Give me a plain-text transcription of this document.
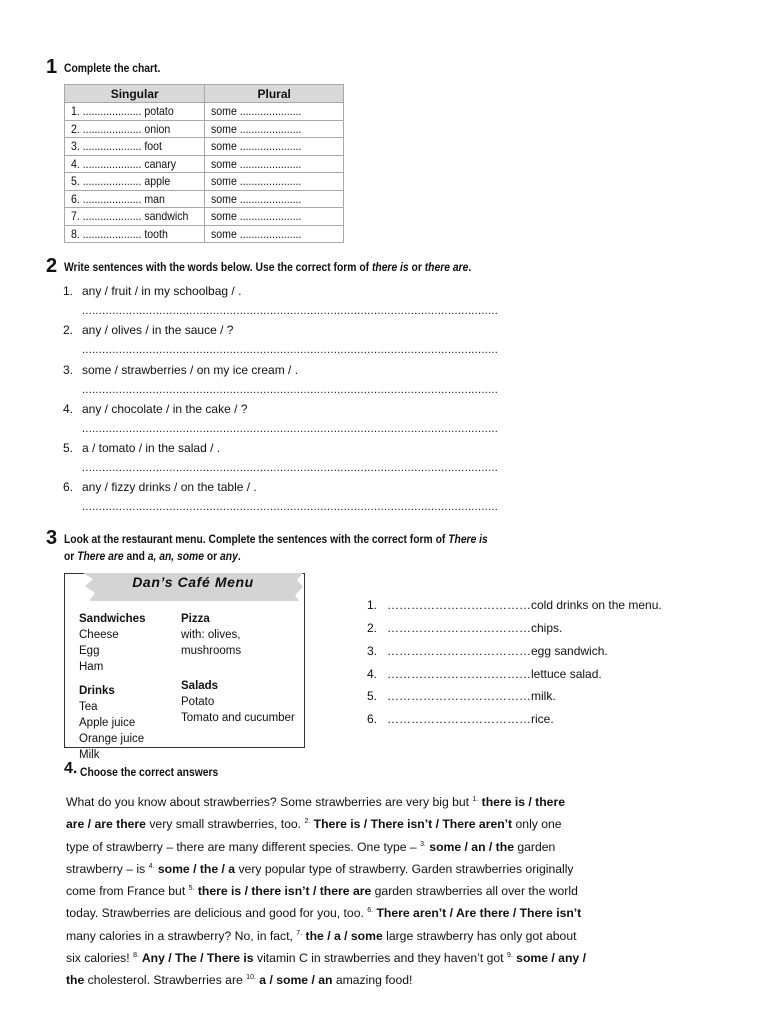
1 Complete the chart.
Singular	Plural
1. .................... potato	some .....................
2. .................... onion	some .....................
3. .................... foot	some .....................
4. .................... canary	some .....................
5. .................... apple	some .....................
6. .................... man	some .....................
7. .................... sandwich	some .....................
8. .................... tooth	some .....................
2 Write sentences with the words below. Use the correct form of there is or there are.
1. any / fruit / in my schoolbag / .
............................................................................................................................
2. any / olives / in the sauce / ?
............................................................................................................................
3. some / strawberries / on my ice cream / .
............................................................................................................................
4. any / chocolate / in the cake / ?
............................................................................................................................
5. a / tomato / in the salad / .
............................................................................................................................
6. any / fizzy drinks / on the table / .
............................................................................................................................
3 Look at the restaurant menu. Complete the sentences with the correct form of There is
or There are and a, an, some or any.
Dan’s Café Menu
Sandwiches
Cheese
Egg
Ham
Drinks
Tea
Apple juice
Orange juice
Milk
Pizza
with: olives,
mushrooms
Salads
Potato
Tomato and cucumber
1. ……………………………… cold drinks on the menu.
2. ……………………………… chips.
3. ……………………………… egg sandwich.
4. ……………………………… lettuce salad.
5. ……………………………… milk.
6. ……………………………… rice.
4. Choose the correct answers
What do you know about strawberries? Some strawberries are very big but $^{1.}$ there is / there are / are there very small strawberries, too. $^{2.}$ There is / There isn’t / There aren’t only one type of strawberry – there are many different species. One type – $^{3.}$ some / an / the garden strawberry – is $^{4.}$ some / the / a very popular type of strawberry. Garden strawberries originally come from France but $^{5.}$ there is / there isn’t / there are garden strawberries all over the world today. Strawberries are delicious and good for you, too. $^{6.}$ There aren’t / Are there / There isn’t many calories in a strawberry? No, in fact, $^{7.}$ the / a / some large strawberry has only got about six calories! $^{8.}$ Any / The / There is vitamin C in strawberries and they haven’t got $^{9.}$ some / any / the cholesterol. Strawberries are $^{10.}$ a / some / an amazing food!
